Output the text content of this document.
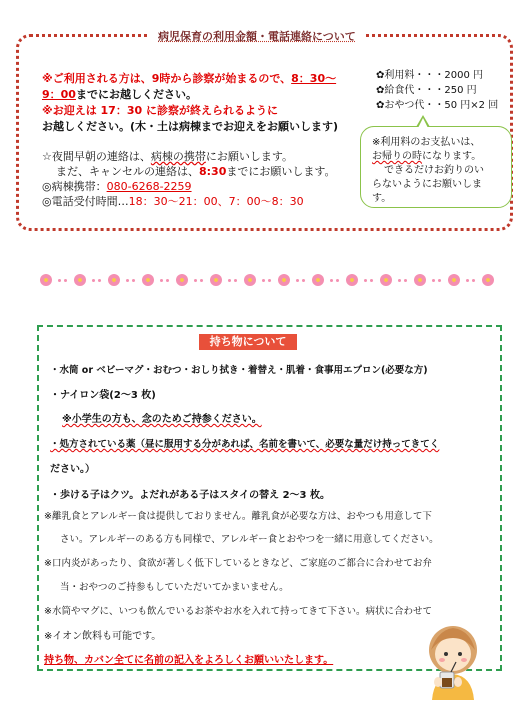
病児保育の利用金額・電話連絡について
※ご利用される方は、9時から診察が始まるので、8：30～
9：00までにお越しください。
※お迎えは 17：30 に診察が終えられるように
お越しください。(木・土は病棟までお迎えをお願いします)
☆夜間早朝の連絡は、病棟の携帯にお願いします。
まだ、キャンセルの連絡は、8:30までにお願いします。
◎病棟携帯：080-6268-2259
◎電話受付時間…18：30～21：00、7：00～8：30
✿利用料・・・2000 円
✿給食代・・・250 円
✿おやつ代・・50 円×2 回
※利用料のお支払いは、
お帰りの時になります。
できるだけお釣りのい
らないようにお願いしま
す。
持ち物について
・水筒 or ベビーマグ・おむつ・おしり拭き・着替え・肌着・食事用エプロン(必要な方)
・ナイロン袋(2～3 枚)
※小学生の方も、念のためご持参ください。
・処方されている薬（昼に服用する分があれば、名前を書いて、必要な量だけ持ってきてく
ださい。）
・歩ける子はクツ。よだれがある子はスタイの替え 2～3 枚。
※離乳食とアレルギー食は提供しておりません。離乳食が必要な方は、おやつも用意して下
さい。アレルギーのある方も同様で、アレルギー食とおやつを一緒に用意してください。
※口内炎があったり、食欲が著しく低下しているときなど、ご家庭のご都合に合わせてお弁
当・おやつのご持参もしていただいてかまいません。
※水筒やマグに、いつも飲んでいるお茶やお水を入れて持ってきて下さい。病状に合わせて
※イオン飲料も可能です。
持ち物、カバン全てに名前の記入をよろしくお願いいたします。
